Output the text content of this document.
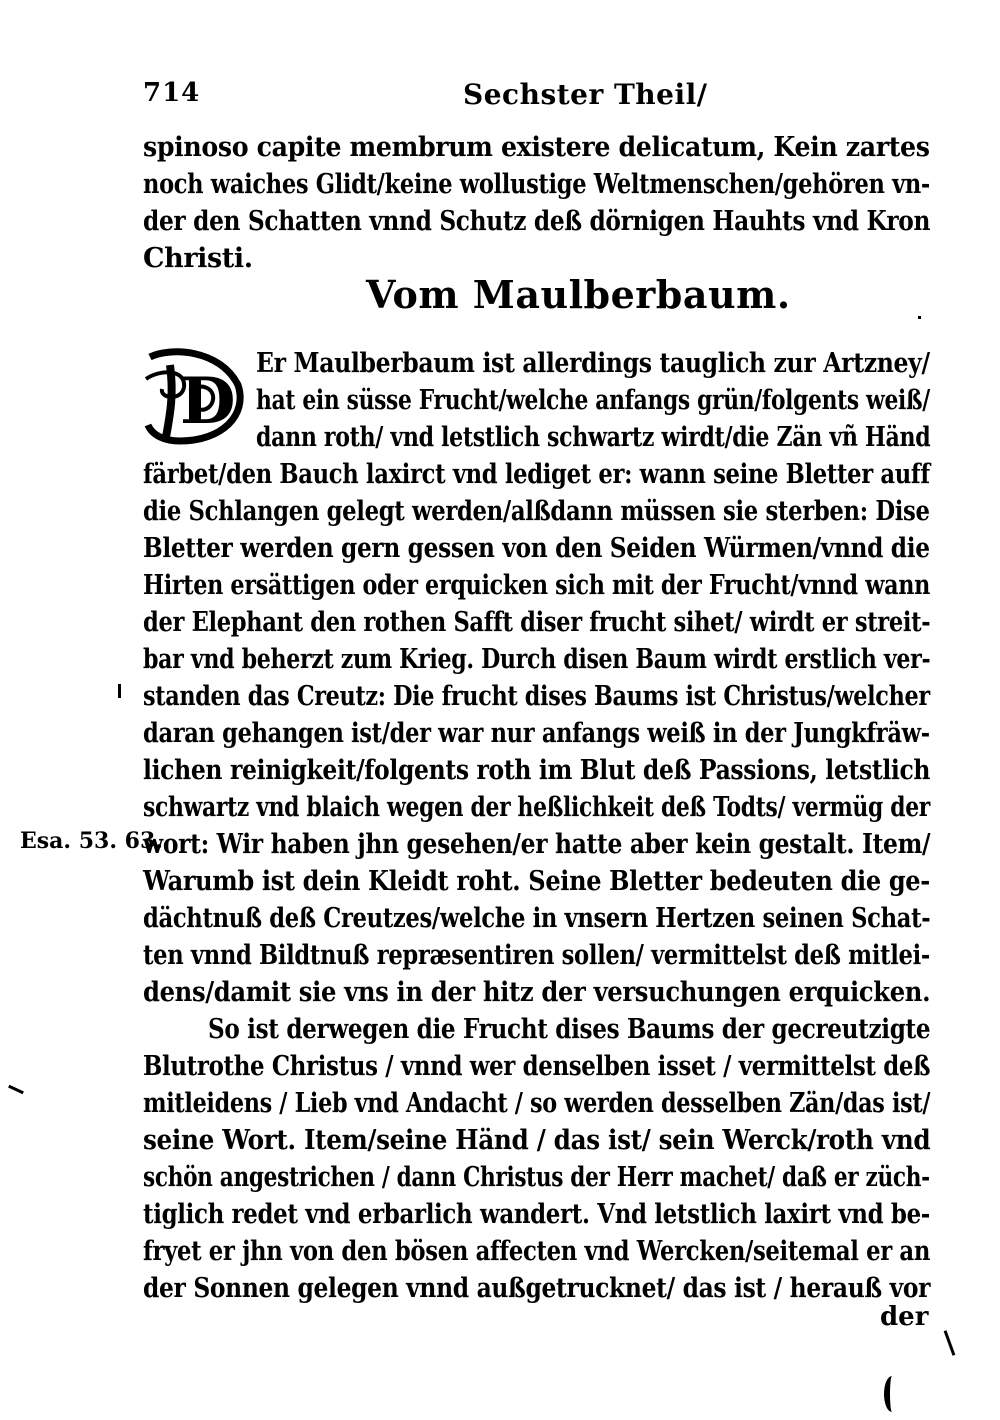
714	Sechster Theil/
spinoso capite membrum existere delicatum, Kein zartes
noch waiches Glidt/keine wollustige Weltmenschen/gehören vn-
der den Schatten vnnd Schutz deß dörnigen Hauhts vnd Kron
Christi.
Vom Maulberbaum.
D
Er Maulberbaum ist allerdings tauglich zur Artzney/
hat ein süsse Frucht/welche anfangs grün/folgents weiß/
dann roth/ vnd letstlich schwartz wirdt/die Zän vñ Händ
färbet/den Bauch laxirct vnd lediget er: wann seine Bletter auff
die Schlangen gelegt werden/alßdann müssen sie sterben: Dise
Bletter werden gern gessen von den Seiden Würmen/vnnd die
Hirten ersättigen oder erquicken sich mit der Frucht/vnnd wann
der Elephant den rothen Safft diser frucht sihet/ wirdt er streit-
bar vnd beherzt zum Krieg. Durch disen Baum wirdt erstlich ver-
standen das Creutz: Die frucht dises Baums ist Christus/welcher
daran gehangen ist/der war nur anfangs weiß in der Jungkfräw-
lichen reinigkeit/folgents roth im Blut deß Passions, letstlich
schwartz vnd blaich wegen der heßlichkeit deß Todts/ vermüg der
wort: Wir haben jhn gesehen/er hatte aber kein gestalt. Item/
Warumb ist dein Kleidt roht. Seine Bletter bedeuten die ge-
dächtnuß deß Creutzes/welche in vnsern Hertzen seinen Schat-
ten vnnd Bildtnuß repræsentiren sollen/ vermittelst deß mitlei-
dens/damit sie vns in der hitz der versuchungen erquicken.
So ist derwegen die Frucht dises Baums der gecreutzigte
Blutrothe Christus / vnnd wer denselben isset / vermittelst deß
mitleidens / Lieb vnd Andacht / so werden desselben Zän/das ist/
seine Wort. Item/seine Händ / das ist/ sein Werck/roth vnd
schön angestrichen / dann Christus der Herr machet/ daß er züch-
tiglich redet vnd erbarlich wandert. Vnd letstlich laxirt vnd be-
fryet er jhn von den bösen affecten vnd Wercken/seitemal er an
der Sonnen gelegen vnnd außgetrucknet/ das ist / herauß vor
Esa. 53. 63.
der
